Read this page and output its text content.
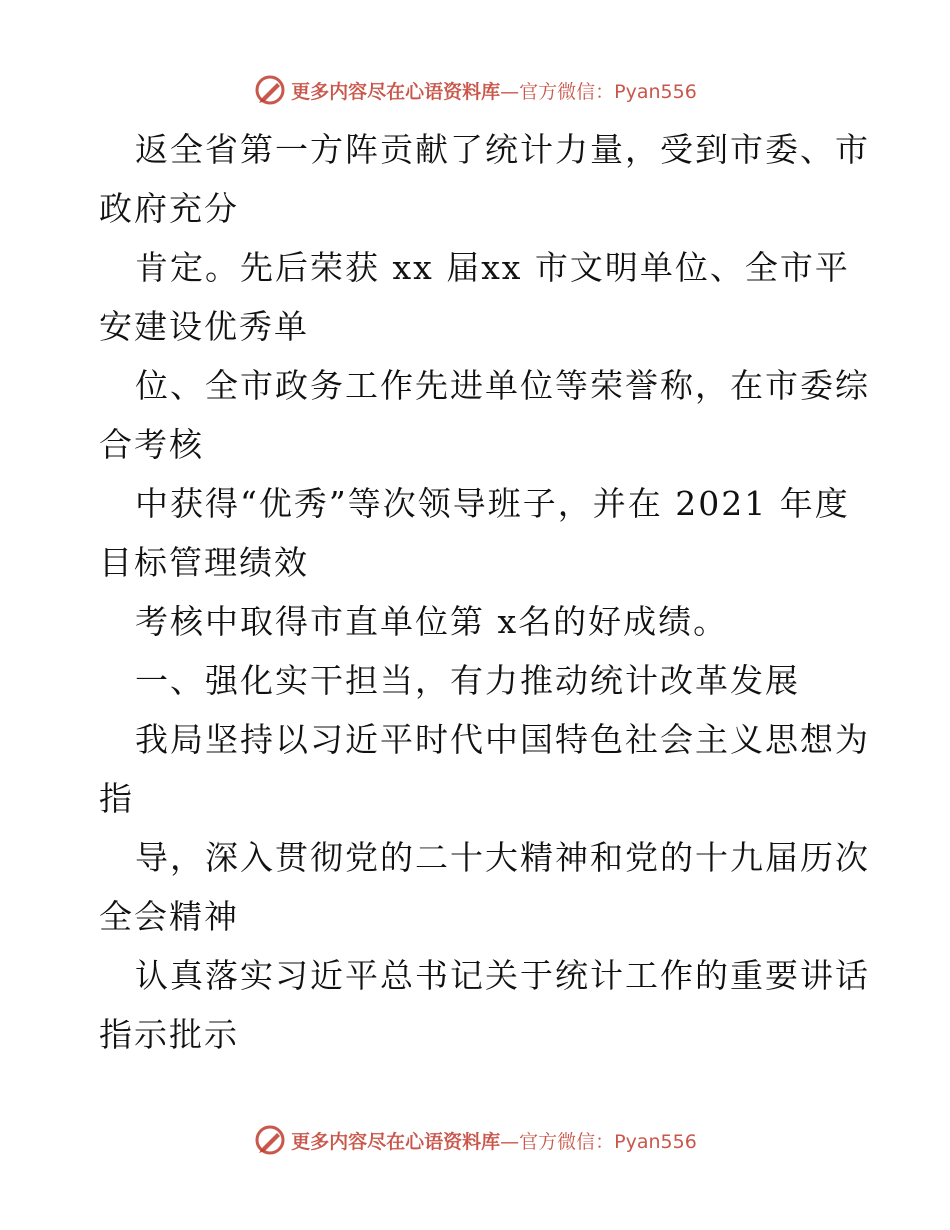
更多内容尽在心语资料库 —官方微信：Pyan556
返全省第一方阵贡献了统计力量，受到市委、市
政府充分
肯定。先后荣获 xx 届xx 市文明单位、全市平
安建设优秀单
位、全市政务工作先进单位等荣誉称，在市委综
合考核
中获得“优秀”等次领导班子，并在 2021 年度
目标管理绩效
考核中取得市直单位第 x名的好成绩。
一、强化实干担当，有力推动统计改革发展
我局坚持以习近平时代中国特色社会主义思想为
指
导，深入贯彻党的二十大精神和党的十九届历次
全会精神
认真落实习近平总书记关于统计工作的重要讲话
指示批示
更多内容尽在心语资料库 —官方微信：Pyan556
